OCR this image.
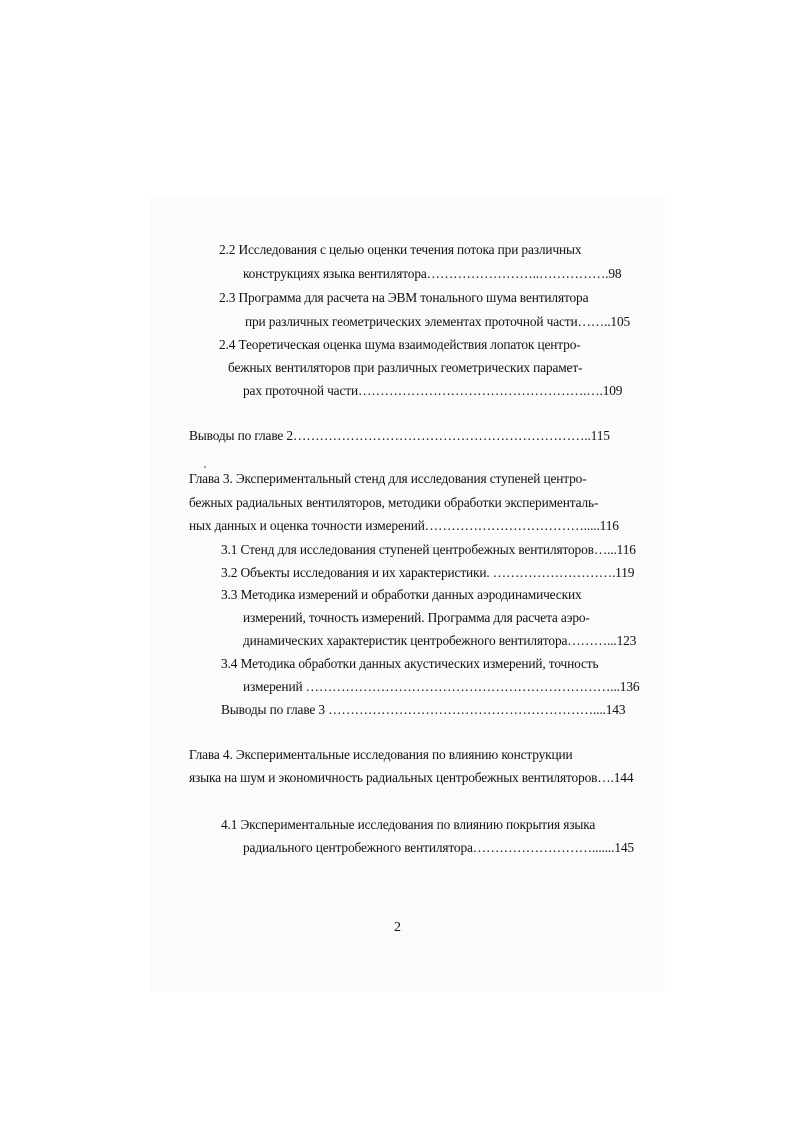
2.2 Исследования с целью оценки течения потока при различных
конструкциях языка вентилятора……………………..…………….98
2.3 Программа для расчета на ЭВМ тонального шума вентилятора
при различных геометрических элементах проточной части……..105
2.4 Теоретическая оценка шума взаимодействия лопаток центро-
бежных вентиляторов при различных геометрических парамет-
рах проточной части…………………………………………….….109
Выводы по главе 2…………………………………………………………..115
Глава 3. Экспериментальный стенд для исследования ступеней центро-
бежных радиальных вентиляторов, методики обработки эксперименталь-
ных данных и оценка точности измерений……………………………….....116
3.1 Стенд для исследования ступеней центробежных вентиляторов…...116
3.2 Объекты исследования и их характеристики. ……………………….119
3.3 Методика измерений и обработки данных аэродинамических
измерений, точность измерений. Программа для расчета аэро-
динамических характеристик центробежного вентилятора………...123
3.4 Методика обработки данных акустических измерений, точность
измерений ……………………………………………………………...136
Выводы по главе 3 ……………………………………………………....143
Глава 4. Экспериментальные исследования по влиянию конструкции
языка на шум и экономичность радиальных центробежных вентиляторов….144
4.1 Экспериментальные исследования по влиянию покрытия языка
радиального центробежного вентилятора……………………….......145
2
